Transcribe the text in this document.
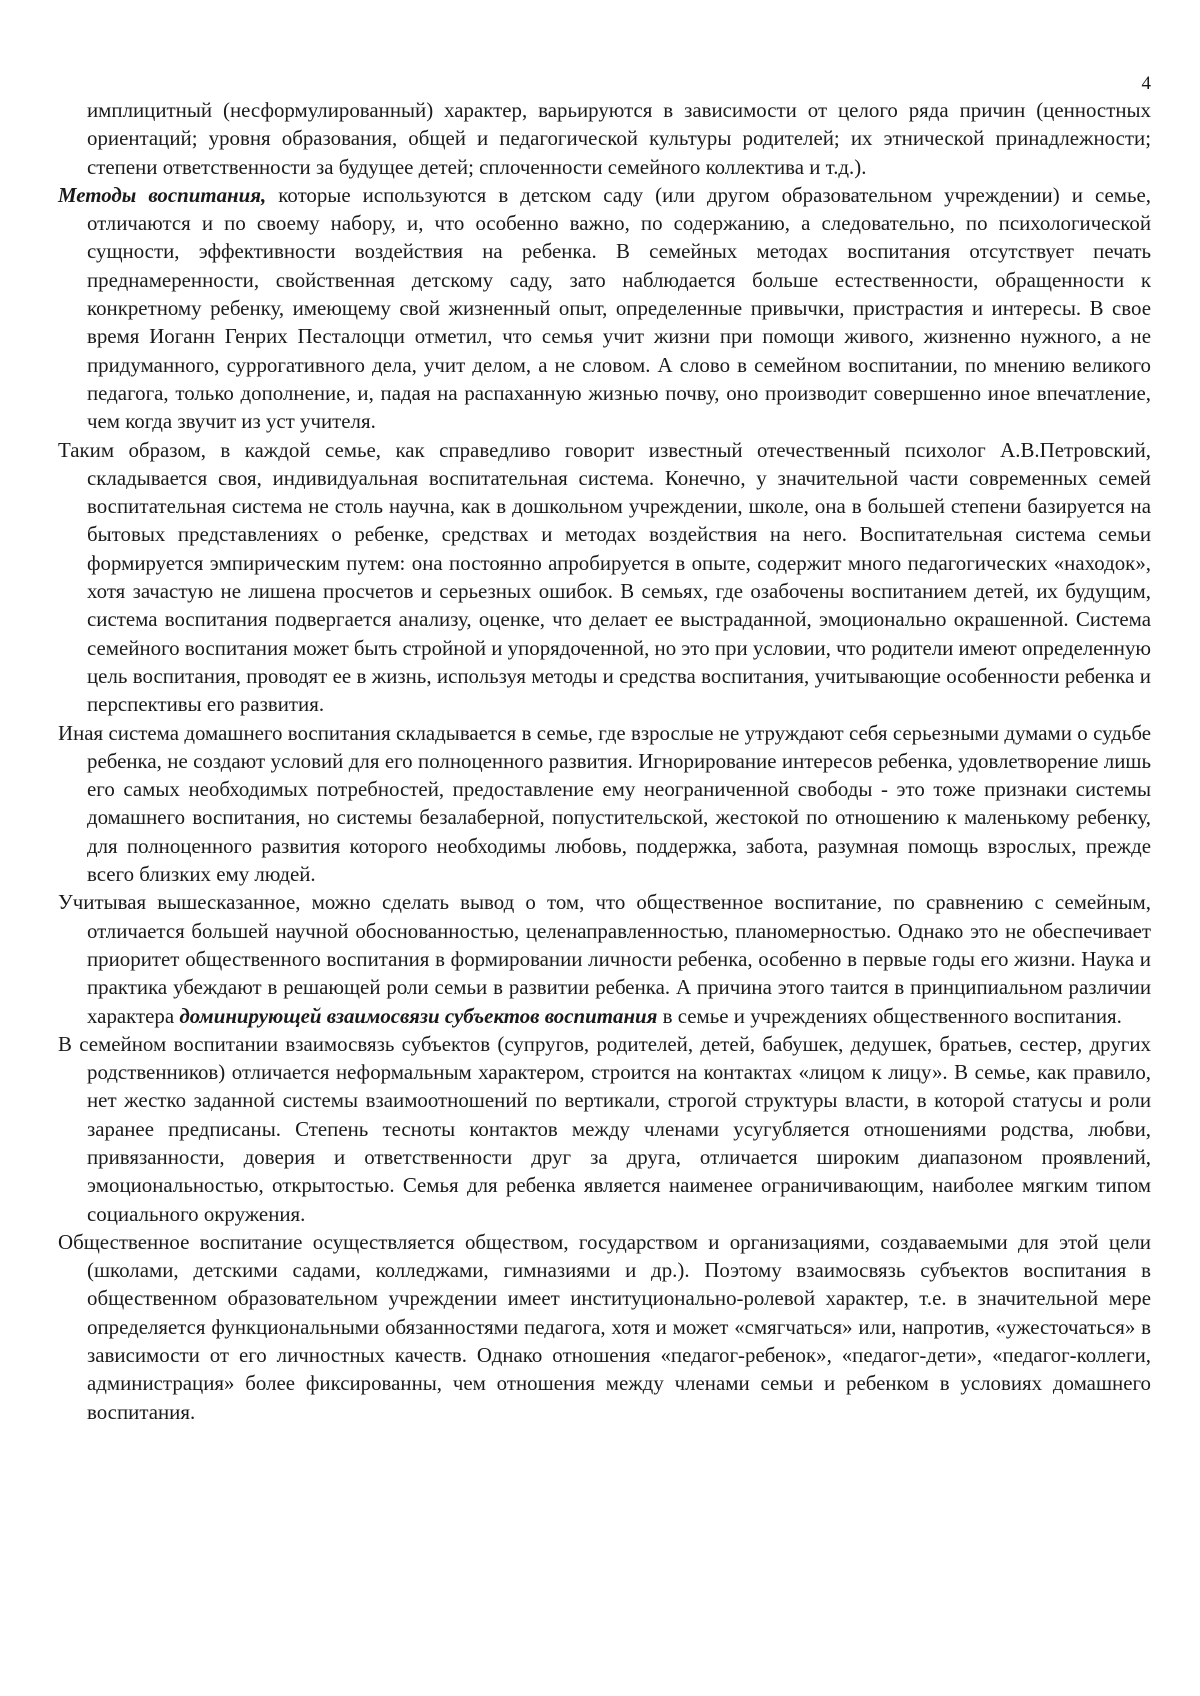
4

имплицитный (несформулированный) характер, варьируются в зависимости от целого ряда причин (ценностных ориентаций; уровня образования, общей и педагогической культуры родителей; их этнической принадлежности; степени ответственности за будущее детей; сплоченности семейного коллектива и т.д.).

Методы воспитания, которые используются в детском саду (или другом образовательном учреждении) и семье, отличаются и по своему набору, и, что особенно важно, по содержанию, а следовательно, по психологической сущности, эффективности воздействия на ребенка. В семейных методах воспитания отсутствует печать преднамеренности, свойственная детскому саду, зато наблюдается больше естественности, обращенности к конкретному ребенку, имеющему свой жизненный опыт, определенные привычки, пристрастия и интересы. В свое время Иоганн Генрих Песталоцци отметил, что семья учит жизни при помощи живого, жизненно нужного, а не придуманного, суррогативного дела, учит делом, а не словом. А слово в семейном воспитании, по мнению великого педагога, только дополнение, и, падая на распаханную жизнью почву, оно производит совершенно иное впечатление, чем когда звучит из уст учителя.

Таким образом, в каждой семье, как справедливо говорит известный отечественный психолог А.В.Петровский, складывается своя, индивидуальная воспитательная система. Конечно, у значительной части современных семей воспитательная система не столь научна, как в дошкольном учреждении, школе, она в большей степени базируется на бытовых представлениях о ребенке, средствах и методах воздействия на него. Воспитательная система семьи формируется эмпирическим путем: она постоянно апробируется в опыте, содержит много педагогических «находок», хотя зачастую не лишена просчетов и серьезных ошибок. В семьях, где озабочены воспитанием детей, их будущим, система воспитания подвергается анализу, оценке, что делает ее выстраданной, эмоционально окрашенной. Система семейного воспитания может быть стройной и упорядоченной, но это при условии, что родители имеют определенную цель воспитания, проводят ее в жизнь, используя методы и средства воспитания, учитывающие особенности ребенка и перспективы его развития.

Иная система домашнего воспитания складывается в семье, где взрослые не утруждают себя серьезными думами о судьбе ребенка, не создают условий для его полноценного развития. Игнорирование интересов ребенка, удовлетворение лишь его самых необходимых потребностей, предоставление ему неограниченной свободы - это тоже признаки системы домашнего воспитания, но системы безалаберной, попустительской, жестокой по отношению к маленькому ребенку, для полноценного развития которого необходимы любовь, поддержка, забота, разумная помощь взрослых, прежде всего близких ему людей.

Учитывая вышесказанное, можно сделать вывод о том, что общественное воспитание, по сравнению с семейным, отличается большей научной обоснованностью, целенаправленностью, планомерностью. Однако это не обеспечивает приоритет общественного воспитания в формировании личности ребенка, особенно в первые годы его жизни. Наука и практика убеждают в решающей роли семьи в развитии ребенка. А причина этого таится в принципиальном различии характера доминирующей взаимосвязи субъектов воспитания в семье и учреждениях общественного воспитания.

В семейном воспитании взаимосвязь субъектов (супругов, родителей, детей, бабушек, дедушек, братьев, сестер, других родственников) отличается неформальным характером, строится на контактах «лицом к лицу». В семье, как правило, нет жестко заданной системы взаимоотношений по вертикали, строгой структуры власти, в которой статусы и роли заранее предписаны. Степень тесноты контактов между членами усугубляется отношениями родства, любви, привязанности, доверия и ответственности друг за друга, отличается широким диапазоном проявлений, эмоциональностью, открытостью. Семья для ребенка является наименее ограничивающим, наиболее мягким типом социального окружения.

Общественное воспитание осуществляется обществом, государством и организациями, создаваемыми для этой цели (школами, детскими садами, колледжами, гимназиями и др.). Поэтому взаимосвязь субъектов воспитания в общественном образовательном учреждении имеет институционально-ролевой характер, т.е. в значительной мере определяется функциональными обязанностями педагога, хотя и может «смягчаться» или, напротив, «ужесточаться» в зависимости от его личностных качеств. Однако отношения «педагог-ребенок», «педагог-дети», «педагог-коллеги, администрация» более фиксированны, чем отношения между членами семьи и ребенком в условиях домашнего воспитания.
